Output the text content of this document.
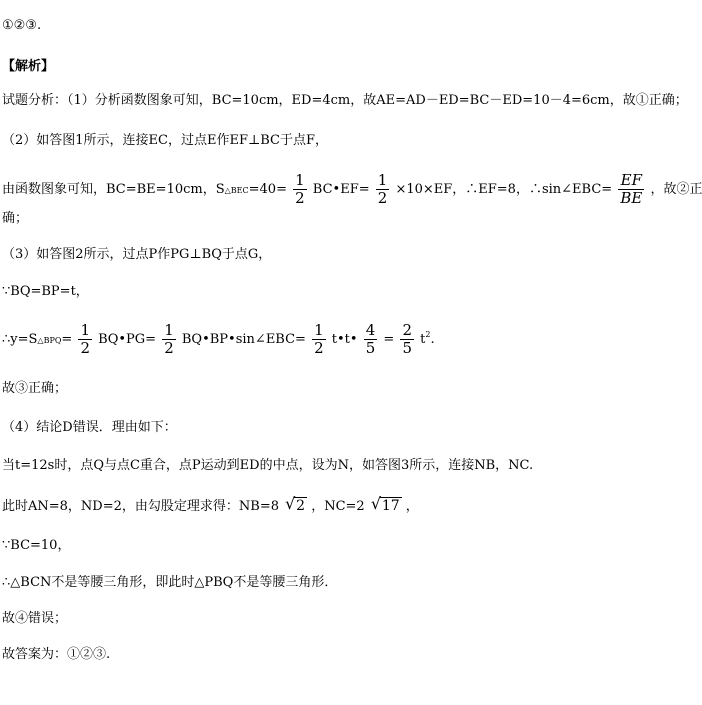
①②③.
【解析】
试题分析：（1）分析函数图象可知，BC=10cm，ED=4cm，故AE=AD－ED=BC－ED=10－4=6cm，故①正确；
（2）如答图1所示，连接EC，过点E作EF⊥BC于点F，
由函数图象可知，BC=BE=10cm，S△BEC=40= $\frac{1}{2}$ BC•EF= $\frac{1}{2} \times 10\times EF$，∴EF=8，∴sin∠EBC= $\frac{EF}{BE}$ ，故②正
确；
（3）如答图2所示，过点P作PG⊥BQ于点G，
∵BQ=BP=t，
∴y=S△BPQ= $\frac{1}{2}$ BQ•PG= $\frac{1}{2}$ BQ•BP•sin∠EBC= $\frac{1}{2}$ t•t• $\frac{4}{5} = \frac{2}{5} t^2$.
故③正确；
（4）结论D错误．理由如下：
当t=12s时，点Q与点C重合，点P运动到ED的中点，设为N，如答图3所示，连接NB，NC.
此时AN=8，ND=2，由勾股定理求得：NB=8 √ 2 ，NC=2 √ 17 ，
∵BC=10，
∴△BCN不是等腰三角形，即此时△PBQ不是等腰三角形．
故④错误；
故答案为：①②③.
